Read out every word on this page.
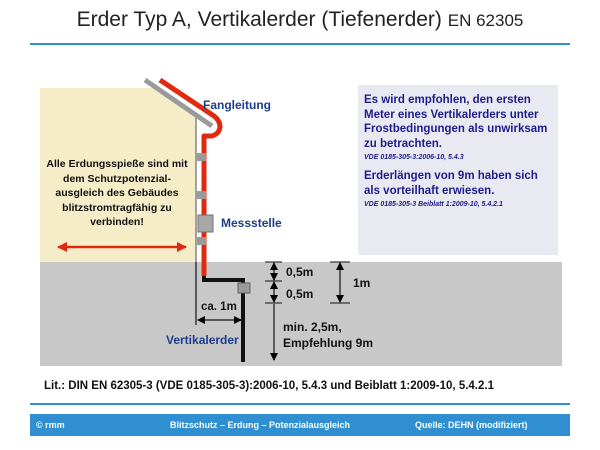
Erder Typ A, Vertikalerder (Tiefenerder) EN 62305
Alle Erdungsspieße sind mit dem Schutzpotenzial-ausgleich des Gebäudes blitzstromtragfähig zu verbinden!
Fangleitung
Messstelle
Vertikalerder
0,5m
0,5m
1m
ca. 1m
min. 2,5m,
Empfehlung 9m
Es wird empfohlen, den ersten Meter eines Vertikalerders unter Frostbedingungen als unwirksam zu betrachten.
VDE 0185-305-3:2006-10, 5.4.3
Erderlängen von 9m haben sich als vorteilhaft erwiesen.
VDE 0185-305-3 Beiblatt 1:2009-10, 5.4.2.1
Lit.: DIN EN 62305-3 (VDE 0185-305-3):2006-10, 5.4.3 und Beiblatt 1:2009-10, 5.4.2.1
© rmm	Blitzschutz – Erdung – Potenzialausgleich	Quelle: DEHN (modifiziert)
